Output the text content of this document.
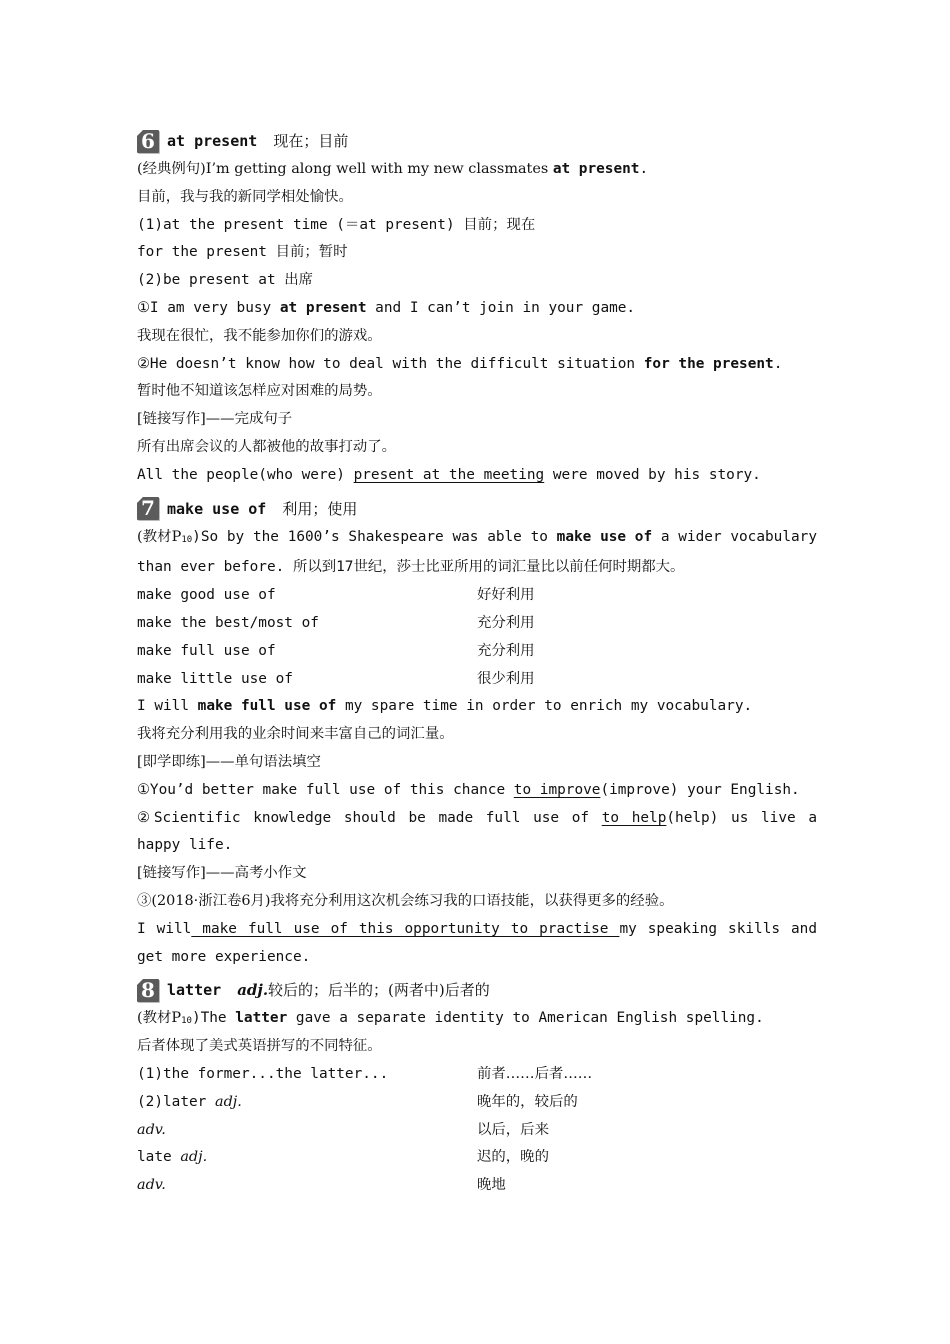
6 at present 现在；目前
(经典例句)I’m getting along well with my new classmates at present.
目前，我与我的新同学相处愉快。
(1)at the present time (＝at present) 目前；现在
for the present 目前；暂时
(2)be present at 出席
①I am very busy at present and I can’t join in your game.
我现在很忙，我不能参加你们的游戏。
②He doesn’t know how to deal with the difficult situation for the present.
暂时他不知道该怎样应对困难的局势。
[链接写作]——完成句子
所有出席会议的人都被他的故事打动了。
All the people(who were) present at the meeting were moved by his story.
7 make use of 利用；使用
(教材P10)So by the 1600’s Shakespeare was able to make use of a wider vocabulary than ever before. 所以到17世纪，莎士比亚所用的词汇量比以前任何时期都大。
make good use of	好好利用
make the best/most of	充分利用
make full use of	充分利用
make little use of	很少利用
I will make full use of my spare time in order to enrich my vocabulary.
我将充分利用我的业余时间来丰富自己的词汇量。
[即学即练]——单句语法填空
①You’d better make full use of this chance to improve(improve) your English.
②Scientific knowledge should be made full use of to help(help) us live a happy life.
[链接写作]——高考小作文
③(2018·浙江卷6月)我将充分利用这次机会练习我的口语技能，以获得更多的经验。
I will make full use of this opportunity to practise my speaking skills and get more experience.
8 latter adj. 较后的；后半的；(两者中)后者的
(教材P10)The latter gave a separate identity to American English spelling.
后者体现了美式英语拼写的不同特征。
(1)the former...the latter...	前者……后者……
(2)later adj.	晚年的，较后的
adv.	以后，后来
late adj.	迟的，晚的
adv.	晚地
